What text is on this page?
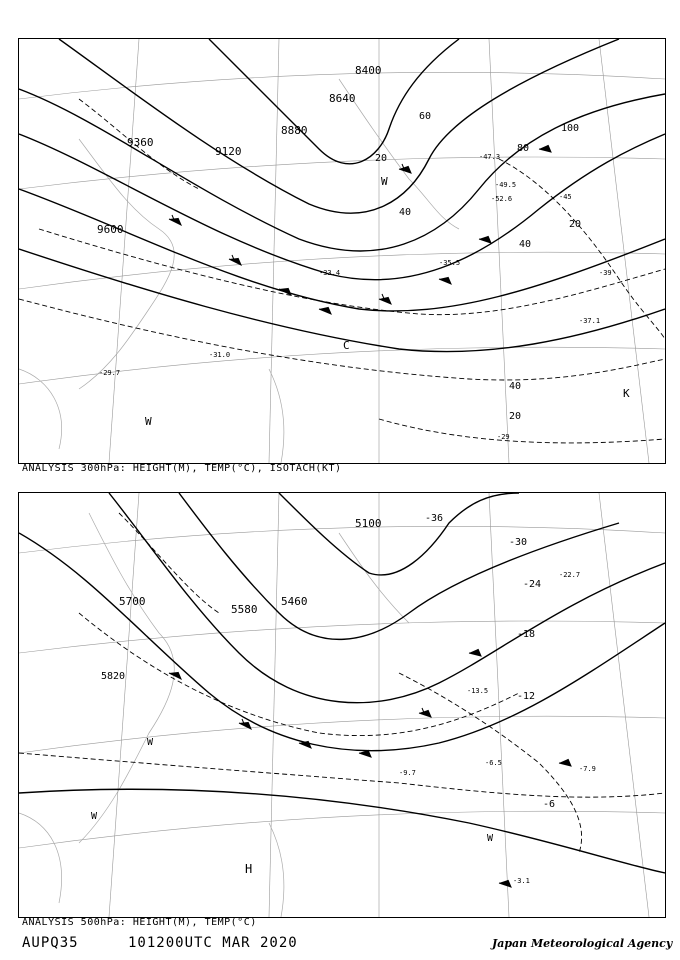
9600
9360
9120
8880
8640
8400
100
80
60
40
20
40
20
40
20
-29.7
-31.0
-33.4
-35.5
-37.1
-39
-45
-47.3
-49.5
-52.6
-29
W
C
W
K
ANALYSIS 300hPa: HEIGHT(M), TEMP(°C), ISOTACH(KT)
5820
5700
5580
5460
5100
-6
-12
-18
-24
-30
-36
-9.7
-13.5
-7.9
-3.1
-6.5
-22.7
H
W
W
W
ANALYSIS 500hPa: HEIGHT(M), TEMP(°C)
AUPQ35	101200UTC MAR 2020	Japan Meteorological Agency
